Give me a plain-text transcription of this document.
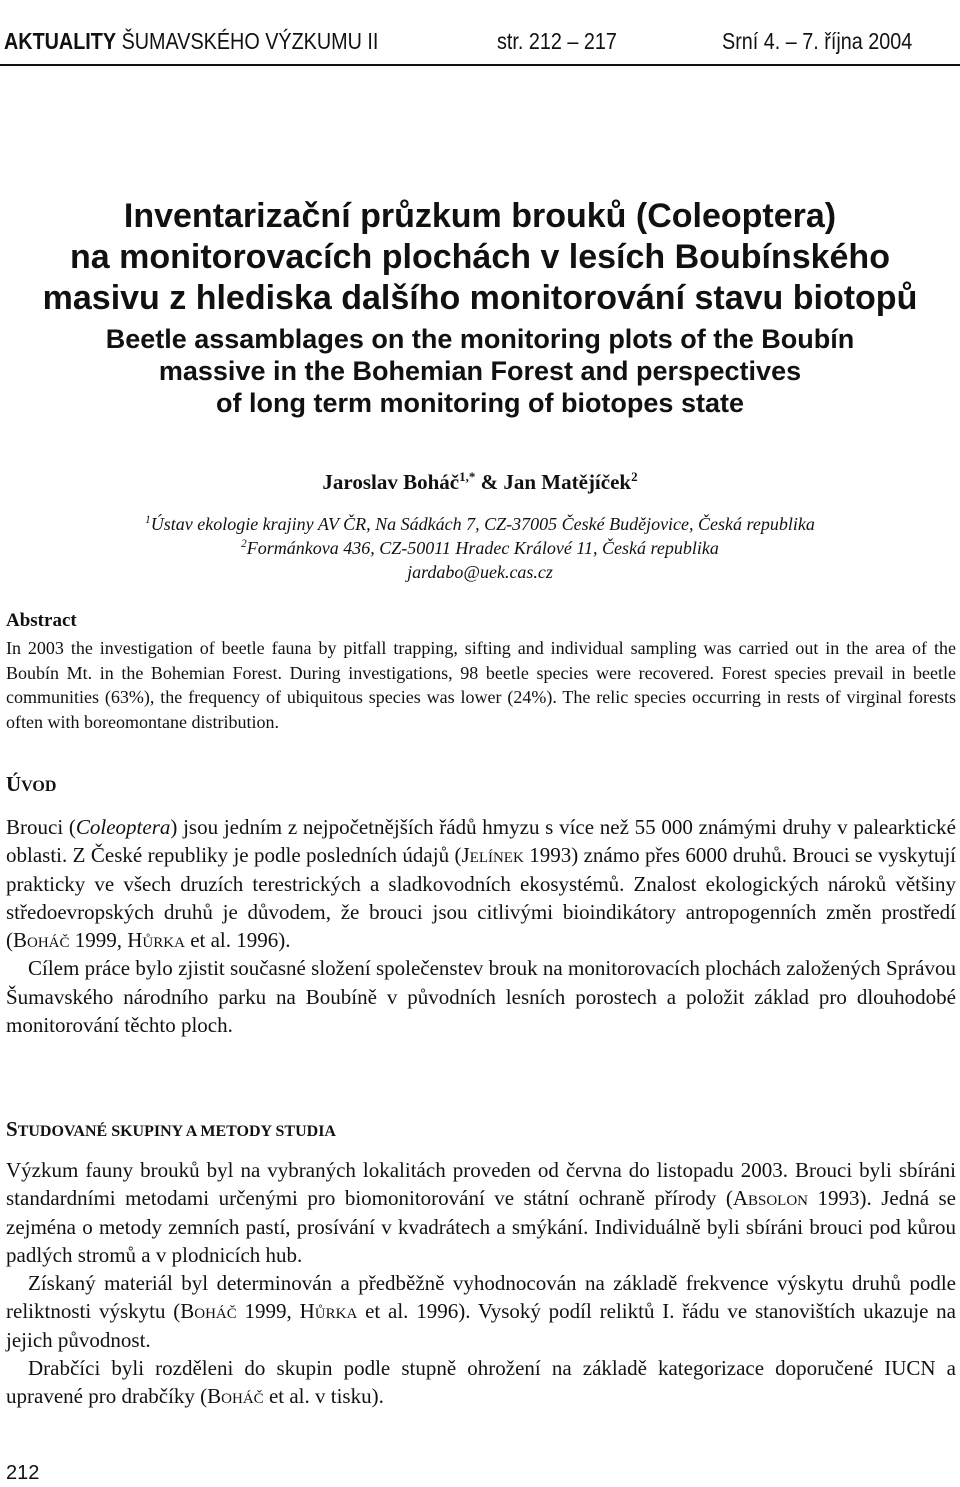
AKTUALITY ŠUMAVSKÉHO VÝZKUMU II	str. 212 – 217	Srní 4. – 7. října 2004
Inventarizační průzkum brouků (Coleoptera)
na monitorovacích plochách v lesích Boubínského
masivu z hlediska dalšího monitorování stavu biotopů
Beetle assamblages on the monitoring plots of the Boubín
massive in the Bohemian Forest and perspectives
of long term monitoring of biotopes state
Jaroslav Boháč$^{1,*}$ & Jan Matějíček$^2$
$^1$Ústav ekologie krajiny AV ČR, Na Sádkách 7, CZ-37005 České Budějovice, Česká republika
$^2$Formánkova 436, CZ-50011 Hradec Králové 11, Česká republika
jardabo@uek.cas.cz
Abstract
In 2003 the investigation of beetle fauna by pitfall trapping, sifting and individual sampling was carried out in the area of the Boubín Mt. in the Bohemian Forest. During investigations, 98 beetle species were recovered. Forest species prevail in beetle communities (63%), the frequency of ubiquitous species was lower (24%). The relic species occurring in rests of virginal forests often with boreomontane distribution.
ÚVOD

Brouci (Coleoptera) jsou jedním z nejpočetnějších řádů hmyzu s více než 55 000 známými druhy v palearktické oblasti. Z České republiky je podle posledních údajů (Jelínek 1993) známo přes 6000 druhů. Brouci se vyskytují prakticky ve všech druzích terestrických a sladkovodních ekosystémů. Znalost ekologických nároků většiny středoevropských druhů je důvodem, že brouci jsou citlivými bioindikátory antropogenních změn prostředí (Boháč 1999, Hůrka et al. 1996).

Cílem práce bylo zjistit současné složení společenstev brouk na monitorovacích plochách založených Správou Šumavského národního parku na Boubíně v původních lesních porostech a položit základ pro dlouhodobé monitorování těchto ploch.

STUDOVANÉ SKUPINY A METODY STUDIA

Výzkum fauny brouků byl na vybraných lokalitách proveden od června do listopadu 2003. Brouci byli sbíráni standardními metodami určenými pro biomonitorování ve státní ochraně přírody (Absolon 1993). Jedná se zejména o metody zemních pastí, prosívání v kvadrátech a smýkání. Individuálně byli sbíráni brouci pod kůrou padlých stromů a v plodnicích hub.

Získaný materiál byl determinován a předběžně vyhodnocován na základě frekvence výskytu druhů podle reliktnosti výskytu (Boháč 1999, Hůrka et al. 1996). Vysoký podíl reliktů I. řádu ve stanovištích ukazuje na jejich původnost.

Drabčíci byli rozděleni do skupin podle stupně ohrožení na základě kategorizace doporučené IUCN a upravené pro drabčíky (Boháč et al. v tisku).

212
